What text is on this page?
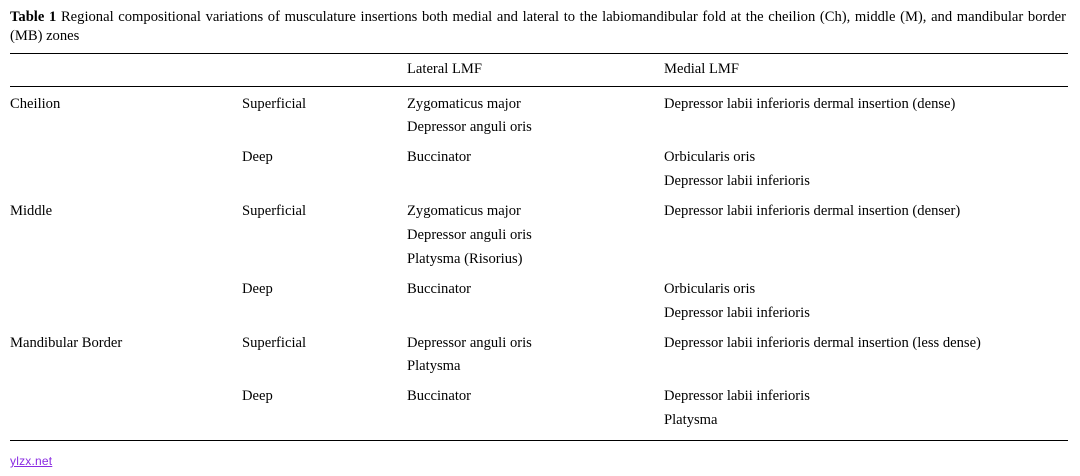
Table 1 Regional compositional variations of musculature insertions both medial and lateral to the labiomandibular fold at the cheilion (Ch), middle (M), and mandibular border (MB) zones

		Lateral LMF	Medial LMF
Cheilion	Superficial	Zygomaticus major	Depressor labii inferioris dermal insertion (dense)
		Depressor anguli oris	
	Deep	Buccinator	Orbicularis oris
			Depressor labii inferioris
Middle	Superficial	Zygomaticus major	Depressor labii inferioris dermal insertion (denser)
		Depressor anguli oris	
		Platysma (Risorius)	
	Deep	Buccinator	Orbicularis oris
			Depressor labii inferioris
Mandibular Border	Superficial	Depressor anguli oris	Depressor labii inferioris dermal insertion (less dense)
		Platysma	
	Deep	Buccinator	Depressor labii inferioris
			Platysma
ylzx.net
